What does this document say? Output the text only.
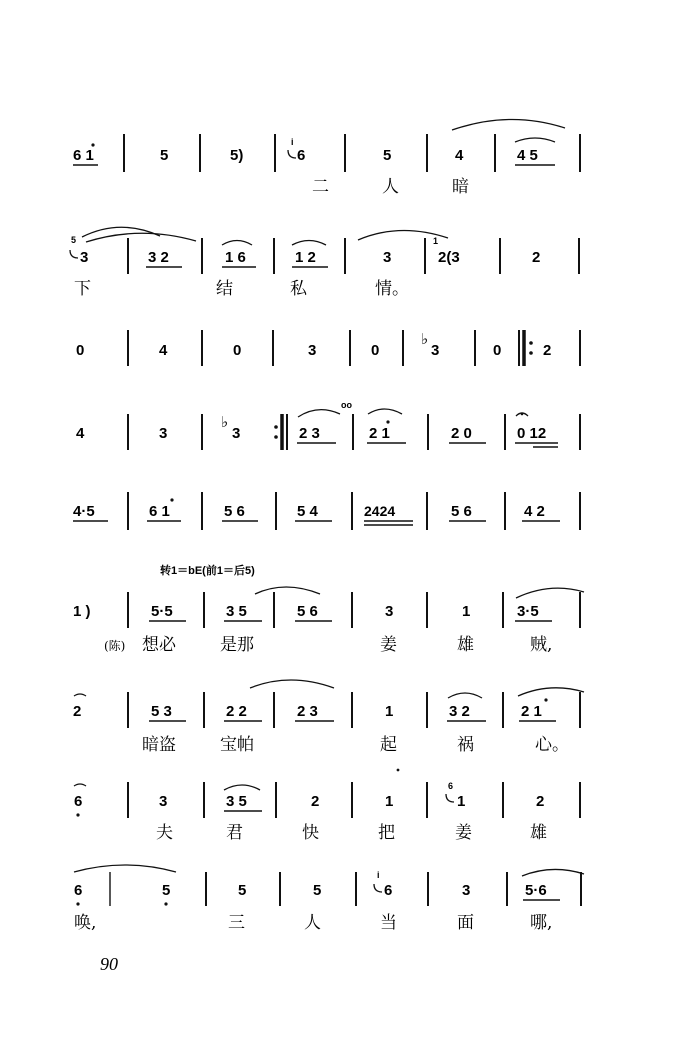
6 1	5	5)
i
6	5	4	4 5
二	人	暗
5
3	3 2	1 6	1 2	3
1
2(3	2
下	结	私	情。
0	4	0	3	0
♭
3	0	2
4	3
♭
3	2 3
oo
2 1	2 0	0 12
4·5	6 1	5 6	5 4	2424	5 6	4 2
转1＝bE(前1＝后5)
1 )	5·5	3 5	5 6	3	1	3·5
(陈) 想必	是那	姜	雄	贼,
2	5 3	2 2	2 3	1	3 2	2 1
暗盗	宝帕	起	祸	心。
6	3	3 5	2	1
6
1	2
夫	君	快	把	姜	雄
6	5	5	5
i
6	3	5·6
唤,	三	人	当	面	哪,
90
